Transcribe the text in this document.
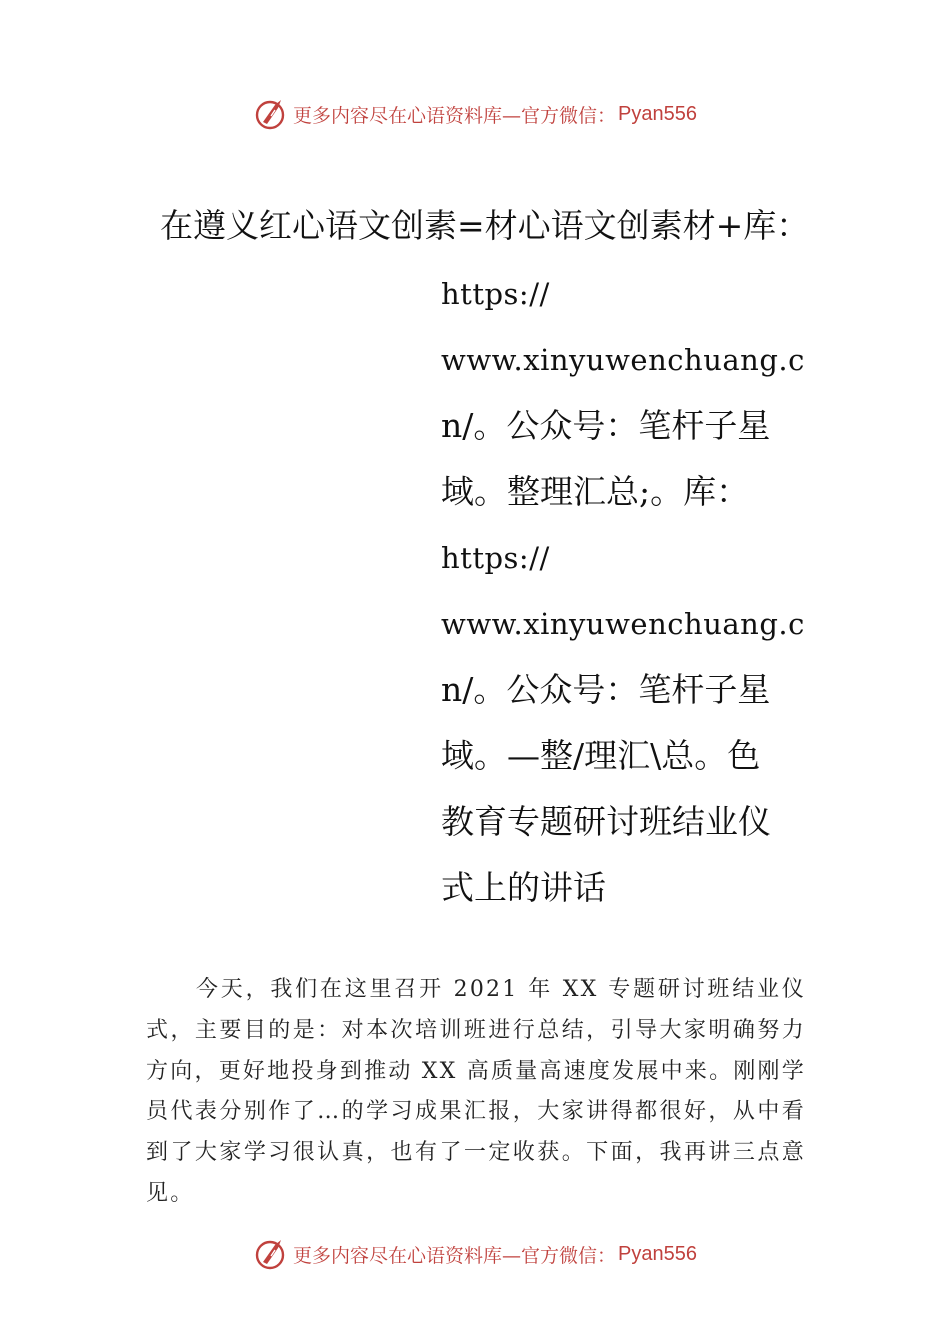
更多内容尽在心语资料库—官方微信： Pyan556
在遵义红心语文创素=材心语文创素材+库：
https://
www.xinyuwenchuang.c
n/。公众号：笔杆子星
域。整理汇总;。库：
https://
www.xinyuwenchuang.c
n/。公众号：笔杆子星
域。—整/理汇\总。色
教育专题研讨班结业仪
式上的讲话

今天，我们在这里召开 2021 年 XX 专题研讨班结业仪式，主要目的是：对本次培训班进行总结，引导大家明确努力方向，更好地投身到推动 XX 高质量高速度发展中来。刚刚学员代表分别作了…的学习成果汇报，大家讲得都很好，从中看到了大家学习很认真，也有了一定收获。下面，我再讲三点意见。

更多内容尽在心语资料库—官方微信： Pyan556
